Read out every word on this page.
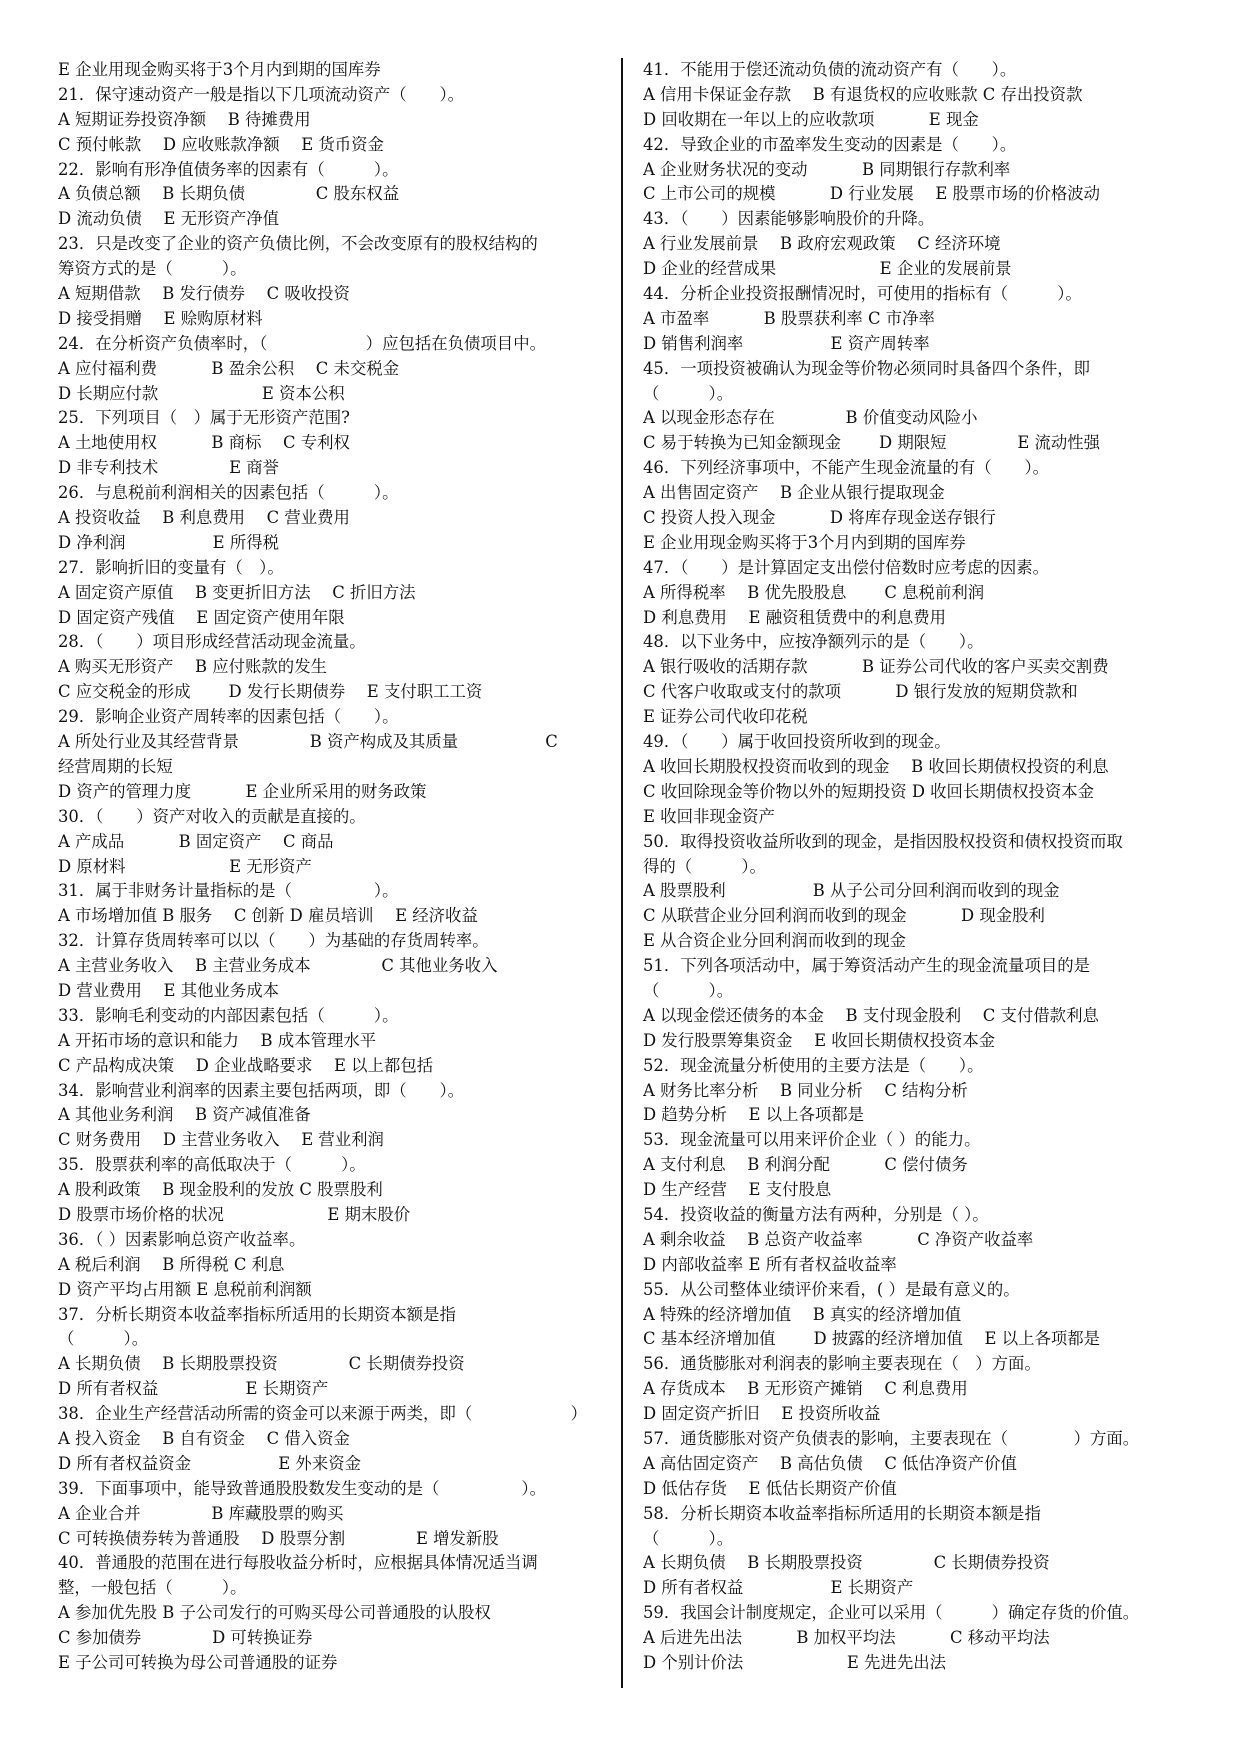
E 企业用现金购买将于3个月内到期的国库券
21．保守速动资产一般是指以下几项流动资产（　　）。
A 短期证券投资净额　 B 待摊费用
C 预付帐款　 D 应收账款净额　 E 货币资金
22．影响有形净值债务率的因素有（　　　）。
A 负债总额　 B 长期负债　　　　 C 股东权益
D 流动负债　 E 无形资产净值
23．只是改变了企业的资产负债比例，不会改变原有的股权结构的
筹资方式的是（　　　）。
A 短期借款　 B 发行债券　 C 吸收投资
D 接受捐赠　 E 赊购原材料
24．在分析资产负债率时，（　　　　　　）应包括在负债项目中。
A 应付福利费　　　 B 盈余公积　 C 未交税金
D 长期应付款　　　　　　 E 资本公积
25．下列项目（　）属于无形资产范围?
A 土地使用权　　　 B 商标　 C 专利权
D 非专利技术　　　　 E 商誉
26．与息税前利润相关的因素包括（　　　）。
A 投资收益　 B 利息费用　 C 营业费用
D 净利润　　　　　 E 所得税
27．影响折旧的变量有（　）。
A 固定资产原值　 B 变更折旧方法　 C 折旧方法
D 固定资产残值　 E 固定资产使用年限
28．（　　）项目形成经营活动现金流量。
A 购买无形资产　 B 应付账款的发生
C 应交税金的形成　　 D 发行长期债券　 E 支付职工工资
29．影响企业资产周转率的因素包括（　　）。
A 所处行业及其经营背景　　　　 B 资产构成及其质量　　　　　 C
经营周期的长短
D 资产的管理力度　　　 E 企业所采用的财务政策
30．（　　）资产对收入的贡献是直接的。
A 产成品　　　 B 固定资产　 C 商品
D 原材料　　　　　　 E 无形资产
31．属于非财务计量指标的是（　　　　　）。
A 市场增加值 B 服务　 C 创新 D 雇员培训　 E 经济收益
32．计算存货周转率可以以（　　）为基础的存货周转率。
A 主营业务收入　 B 主营业务成本　　　　 C 其他业务收入
D 营业费用　 E 其他业务成本
33．影响毛利变动的内部因素包括（　　　）。
A 开拓市场的意识和能力　 B 成本管理水平
C 产品构成决策　 D 企业战略要求　 E 以上都包括
34．影响营业利润率的因素主要包括两项，即（　　）。
A 其他业务利润　 B 资产减值准备
C 财务费用　 D 主营业务收入　 E 营业利润
35．股票获利率的高低取决于（　　　）。
A 股利政策　 B 现金股利的发放 C 股票股利
D 股票市场价格的状况　　　　　　 E 期末股价
36．（ ）因素影响总资产收益率。
A 税后利润　 B 所得税 C 利息
D 资产平均占用额 E 息税前利润额
37．分析长期资本收益率指标所适用的长期资本额是指
（　　　）。
A 长期负债　 B 长期股票投资　　　　 C 长期债券投资
D 所有者权益　　　　　 E 长期资产
38．企业生产经营活动所需的资金可以来源于两类，即（　　　　　　）
A 投入资金　 B 自有资金　 C 借入资金
D 所有者权益资金　　　　　 E 外来资金
39．下面事项中，能导致普通股股数发生变动的是（　　　　　）。
A 企业合并　　　　 B 库藏股票的购买
C 可转换债券转为普通股　 D 股票分割　　　　 E 增发新股
40．普通股的范围在进行每股收益分析时，应根据具体情况适当调
整，一般包括（　　　）。
A 参加优先股 B 子公司发行的可购买母公司普通股的认股权
C 参加债券　　　　 D 可转换证券
E 子公司可转换为母公司普通股的证券
41．不能用于偿还流动负债的流动资产有（　　）。
A 信用卡保证金存款　 B 有退货权的应收账款 C 存出投资款
D 回收期在一年以上的应收款项　　　 E 现金
42．导致企业的市盈率发生变动的因素是（　　）。
A 企业财务状况的变动　　　 B 同期银行存款利率
C 上市公司的规模　　　 D 行业发展　 E 股票市场的价格波动
43．（　　）因素能够影响股价的升降。
A 行业发展前景　 B 政府宏观政策　 C 经济环境
D 企业的经营成果　　　　　　 E 企业的发展前景
44．分析企业投资报酬情况时，可使用的指标有（　　　）。
A 市盈率　　　 B 股票获利率 C 市净率
D 销售利润率　　　　　 E 资产周转率
45．一项投资被确认为现金等价物必须同时具备四个条件，即
（　　　）。
A 以现金形态存在　　　　 B 价值变动风险小
C 易于转换为已知金额现金　　 D 期限短　　　　 E 流动性强
46．下列经济事项中，不能产生现金流量的有（　　）。
A 出售固定资产　 B 企业从银行提取现金
C 投资人投入现金　　　 D 将库存现金送存银行
E 企业用现金购买将于3个月内到期的国库券
47．（　　）是计算固定支出偿付倍数时应考虑的因素。
A 所得税率　 B 优先股股息　　 C 息税前利润
D 利息费用　 E 融资租赁费中的利息费用
48．以下业务中，应按净额列示的是（　　）。
A 银行吸收的活期存款　　　 B 证券公司代收的客户买卖交割费
C 代客户收取或支付的款项　　　 D 银行发放的短期贷款和
E 证券公司代收印花税
49．（　　）属于收回投资所收到的现金。
A 收回长期股权投资而收到的现金　 B 收回长期债权投资的利息
C 收回除现金等价物以外的短期投资 D 收回长期债权投资本金
E 收回非现金资产
50．取得投资收益所收到的现金，是指因股权投资和债权投资而取
得的（　　　）。
A 股票股利　　　　　 B 从子公司分回利润而收到的现金
C 从联营企业分回利润而收到的现金　　　 D 现金股利
E 从合资企业分回利润而收到的现金
51．下列各项活动中，属于筹资活动产生的现金流量项目的是
（　　　）。
A 以现金偿还债务的本金　 B 支付现金股利　 C 支付借款利息
D 发行股票筹集资金　 E 收回长期债权投资本金
52．现金流量分析使用的主要方法是（　　）。
A 财务比率分析　 B 同业分析　 C 结构分析
D 趋势分析　 E 以上各项都是
53．现金流量可以用来评价企业（ ）的能力。
A 支付利息　 B 利润分配　　　 C 偿付债务
D 生产经营　 E 支付股息
54．投资收益的衡量方法有两种，分别是（ ）。
A 剩余收益　 B 总资产收益率　　　 C 净资产收益率
D 内部收益率 E 所有者权益收益率
55．从公司整体业绩评价来看，( ）是最有意义的。
A 特殊的经济增加值　 B 真实的经济增加值
C 基本经济增加值　　 D 披露的经济增加值　 E 以上各项都是
56．通货膨胀对利润表的影响主要表现在（　）方面。
A 存货成本　 B 无形资产摊销　 C 利息费用
D 固定资产折旧　 E 投资所收益
57．通货膨胀对资产负债表的影响，主要表现在（　　　　）方面。
A 高估固定资产　 B 高估负债　 C 低估净资产价值
D 低估存货　 E 低估长期资产价值
58．分析长期资本收益率指标所适用的长期资本额是指
（　　　）。
A 长期负债　 B 长期股票投资　　　　 C 长期债券投资
D 所有者权益　　　　　 E 长期资产
59．我国会计制度规定，企业可以采用（　　　）确定存货的价值。
A 后进先出法　　　 B 加权平均法　　　 C 移动平均法
D 个别计价法　　　　　　 E 先进先出法
